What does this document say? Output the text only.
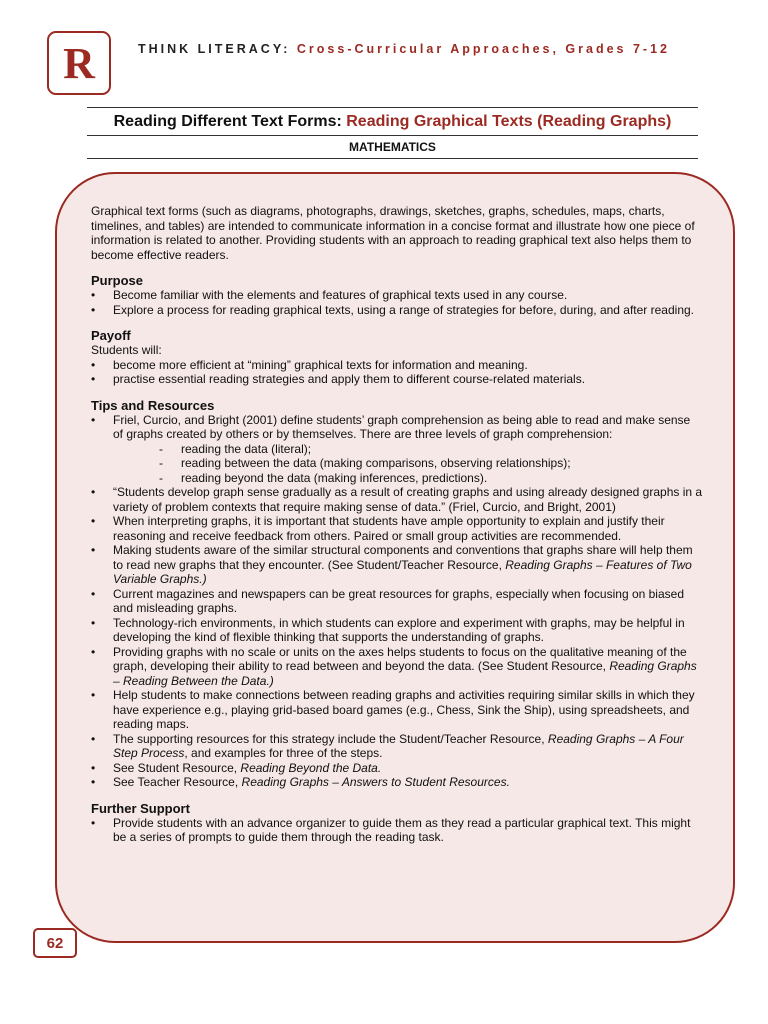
R	THINK LITERACY: Cross-Curricular Approaches, Grades 7-12
Reading Different Text Forms: Reading Graphical Texts (Reading Graphs)
MATHEMATICS

Graphical text forms (such as diagrams, photographs, drawings, sketches, graphs, schedules, maps, charts, timelines, and tables) are intended to communicate information in a concise format and illustrate how one piece of information is related to another. Providing students with an approach to reading graphical text also helps them to become effective readers.

Purpose
• Become familiar with the elements and features of graphical texts used in any course.
• Explore a process for reading graphical texts, using a range of strategies for before, during, and after reading.
Payoff

Students will:

• become more efficient at “mining” graphical texts for information and meaning.
• practise essential reading strategies and apply them to different course-related materials.
Tips and Resources
• Friel, Curcio, and Bright (2001) define students’ graph comprehension as being able to read and make sense of graphs created by others or by themselves. There are three levels of graph comprehension:
- reading the data (literal);
- reading between the data (making comparisons, observing relationships);
- reading beyond the data (making inferences, predictions).
• “Students develop graph sense gradually as a result of creating graphs and using already designed graphs in a variety of problem contexts that require making sense of data.” (Friel, Curcio, and Bright, 2001)
• When interpreting graphs, it is important that students have ample opportunity to explain and justify their reasoning and receive feedback from others. Paired or small group activities are recommended.
• Making students aware of the similar structural components and conventions that graphs share will help them to read new graphs that they encounter. (See Student/Teacher Resource, Reading Graphs – Features of Two Variable Graphs.)
• Current magazines and newspapers can be great resources for graphs, especially when focusing on biased and misleading graphs.
• Technology-rich environments, in which students can explore and experiment with graphs, may be helpful in developing the kind of flexible thinking that supports the understanding of graphs.
• Providing graphs with no scale or units on the axes helps students to focus on the qualitative meaning of the graph, developing their ability to read between and beyond the data. (See Student Resource, Reading Graphs – Reading Between the Data.)
• Help students to make connections between reading graphs and activities requiring similar skills in which they have experience e.g., playing grid-based board games (e.g., Chess, Sink the Ship), using spreadsheets, and reading maps.
• The supporting resources for this strategy include the Student/Teacher Resource, Reading Graphs – A Four Step Process, and examples for three of the steps.
• See Student Resource, Reading Beyond the Data.
• See Teacher Resource, Reading Graphs – Answers to Student Resources.
Further Support
• Provide students with an advance organizer to guide them as they read a particular graphical text. This might be a series of prompts to guide them through the reading task.
62
